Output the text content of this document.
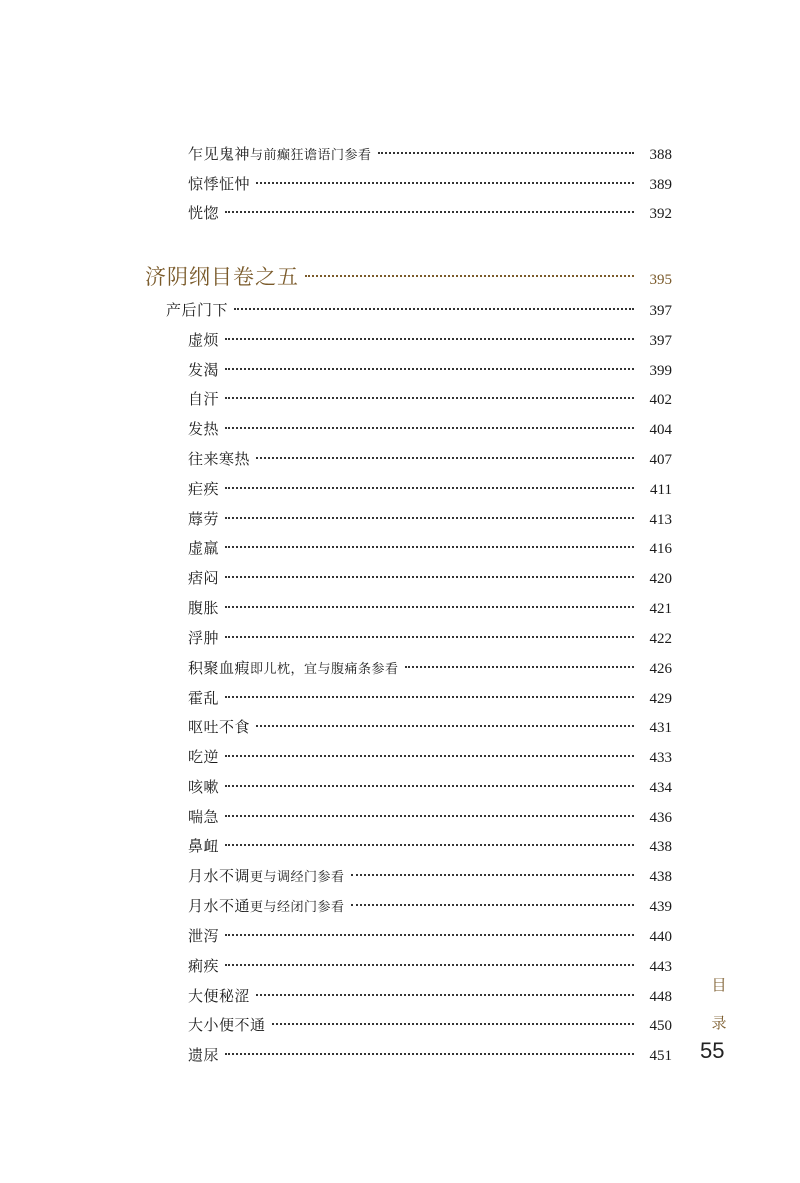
乍见鬼神与前癫狂谵语门参看	388
惊悸怔忡	389
恍惚	392
济阴纲目卷之五	395
产后门下	397
虚烦	397
发渴	399
自汗	402
发热	404
往来寒热	407
疟疾	411
蓐劳	413
虚羸	416
痞闷	420
腹胀	421
浮肿	422
积聚血瘕即儿枕，宜与腹痛条参看	426
霍乱	429
呕吐不食	431
吃逆	433
咳嗽	434
喘急	436
鼻衄	438
月水不调更与调经门参看	438
月水不通更与经闭门参看	439
泄泻	440
痢疾	443
大便秘涩	448
大小便不通	450
遗尿	451
目
录
55
